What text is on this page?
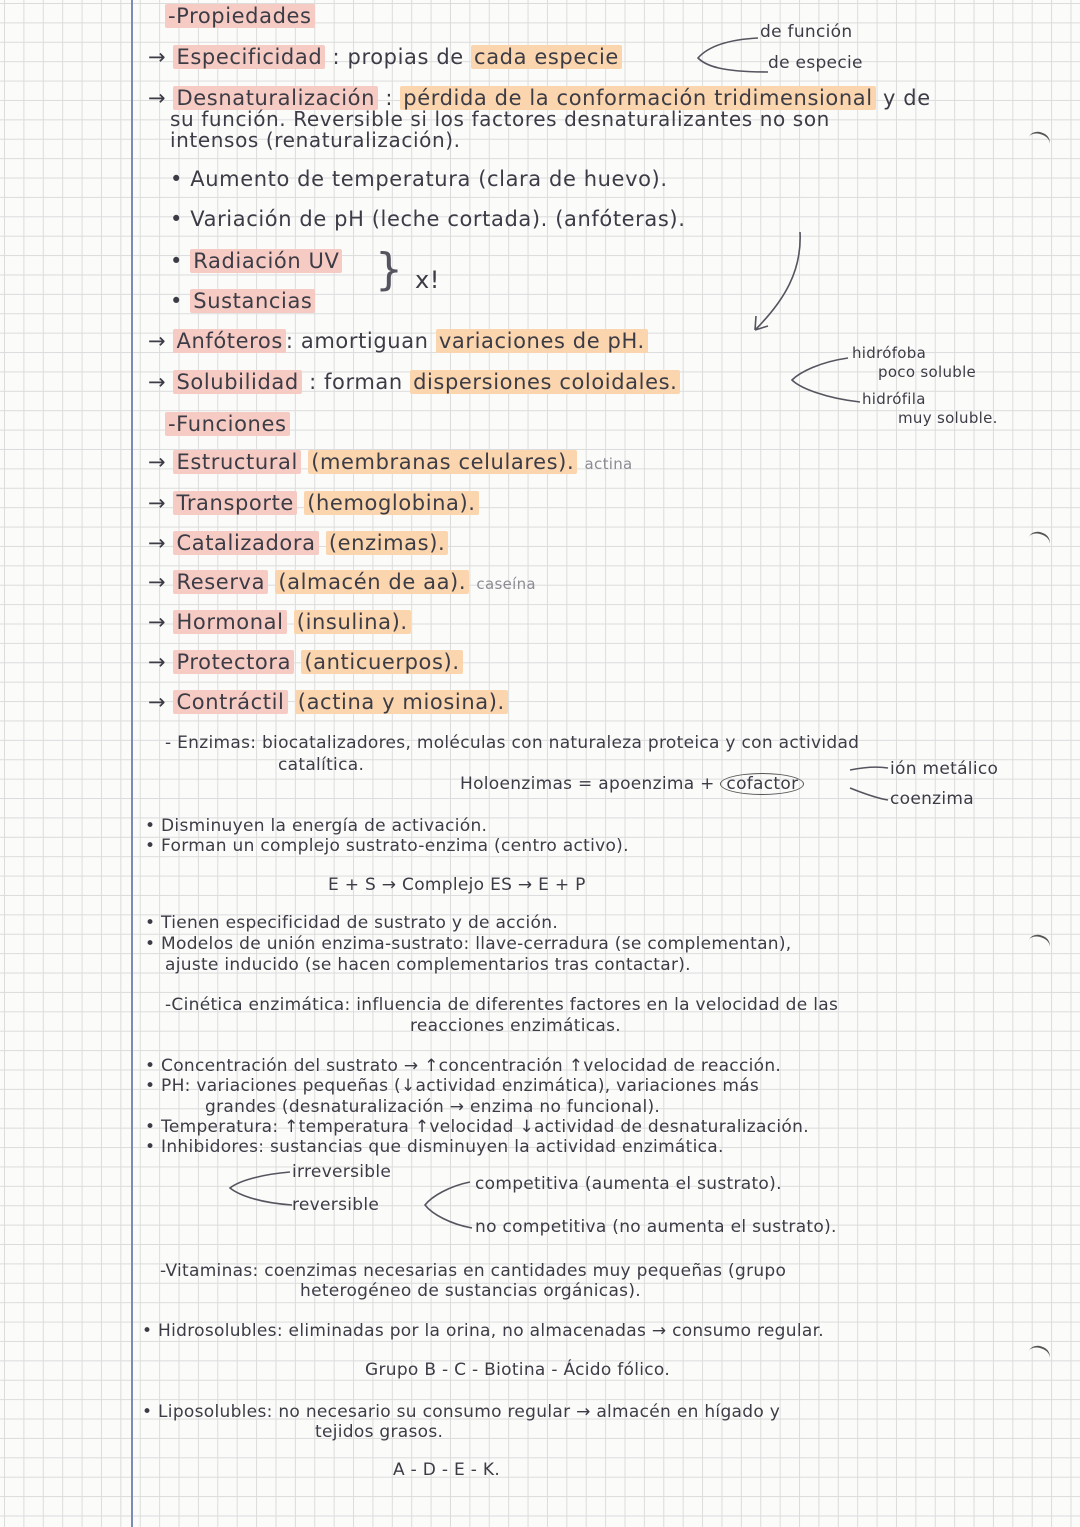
-Propiedades
→ Especificidad : propias de cada especie
de función
de especie
→ Desnaturalización : pérdida de la conformación tridimensional y de
su función. Reversible si los factores desnaturalizantes no son
intensos (renaturalización).
• Aumento de temperatura (clara de huevo).
• Variación de pH (leche cortada). (anfóteras).
• Radiación UV
• Sustancias
} x!
→ Anfóteros : amortiguan variaciones de pH.
→ Solubilidad : forman dispersiones coloidales.
hidrófoba
poco soluble
hidrófila
muy soluble.
-Funciones
→ Estructural (membranas celulares). actina
→ Transporte (hemoglobina).
→ Catalizadora (enzimas).
→ Reserva (almacén de aa). caseína
→ Hormonal (insulina).
→ Protectora (anticuerpos).
→ Contráctil (actina y miosina).
- Enzimas: biocatalizadores, moléculas con naturaleza proteica y con actividad
catalítica.
Holoenzimas = apoenzima + cofactor
ión metálico
coenzima
• Disminuyen la energía de activación.
• Forman un complejo sustrato-enzima (centro activo).
E + S → Complejo ES → E + P
• Tienen especificidad de sustrato y de acción.
• Modelos de unión enzima-sustrato: llave-cerradura (se complementan),
ajuste inducido (se hacen complementarios tras contactar).
-Cinética enzimática: influencia de diferentes factores en la velocidad de las
reacciones enzimáticas.
• Concentración del sustrato → ↑concentración ↑velocidad de reacción.
• PH: variaciones pequeñas (↓actividad enzimática), variaciones más
grandes (desnaturalización → enzima no funcional).
• Temperatura: ↑temperatura ↑velocidad ↓actividad de desnaturalización.
• Inhibidores: sustancias que disminuyen la actividad enzimática.
irreversible
reversible
competitiva (aumenta el sustrato).
no competitiva (no aumenta el sustrato).
-Vitaminas: coenzimas necesarias en cantidades muy pequeñas (grupo
heterogéneo de sustancias orgánicas).
• Hidrosolubles: eliminadas por la orina, no almacenadas → consumo regular.
Grupo B - C - Biotina - Ácido fólico.
• Liposolubles: no necesario su consumo regular → almacén en hígado y
tejidos grasos.
A - D - E - K.
